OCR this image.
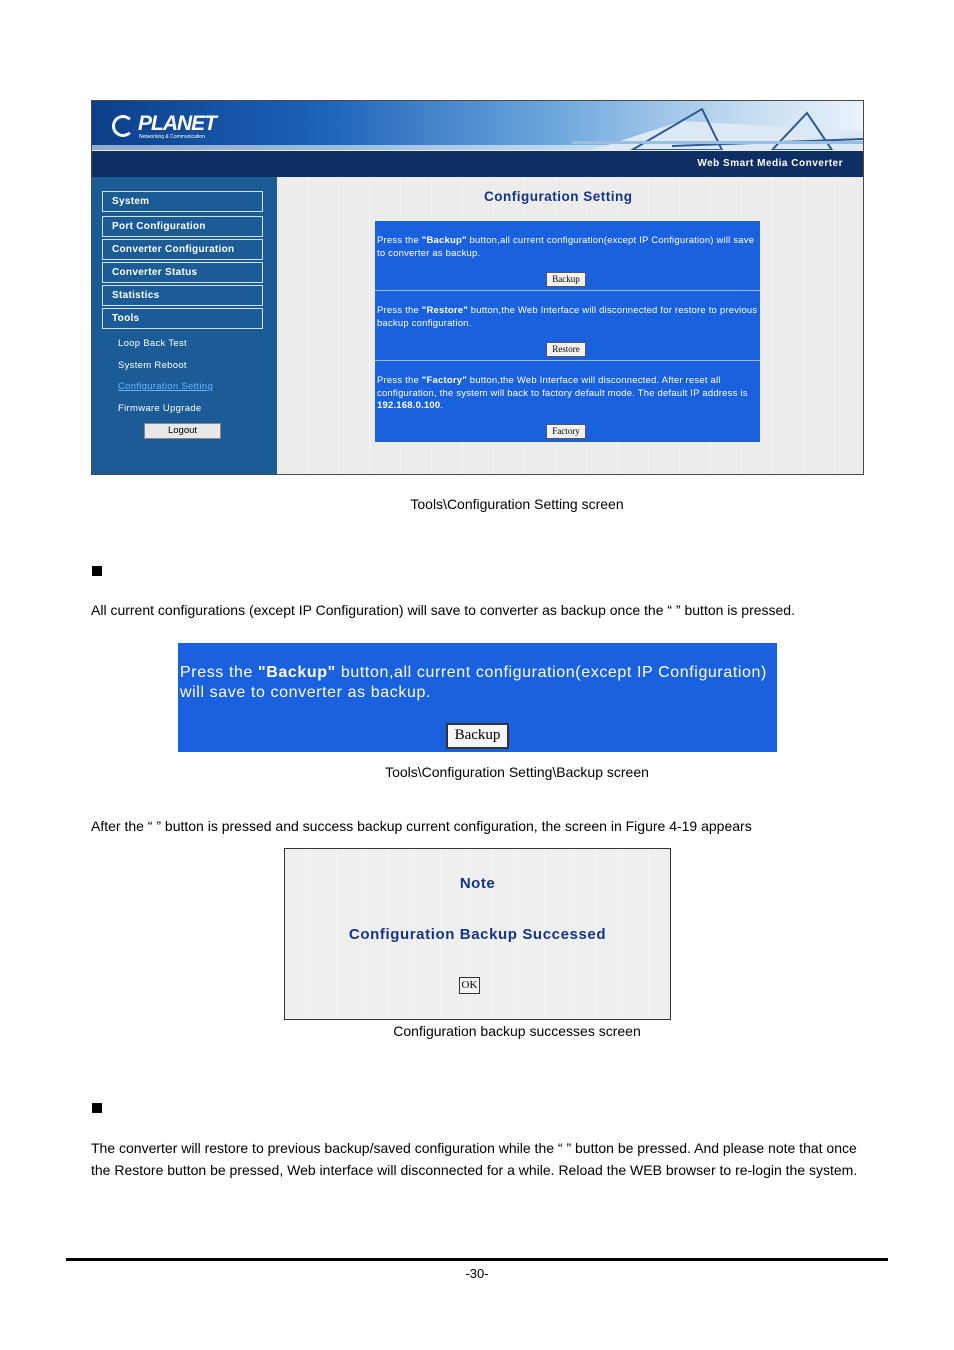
PLANET
Networking & Communication
Web Smart Media Converter
System
Port Configuration
Converter Configuration
Converter Status
Statistics
Tools
Loop Back Test
System Reboot
Configuration Setting
Firmware Upgrade
Logout
Configuration Setting

Press the "Backup" button,all current configuration(except IP Configuration) will save to converter as backup.

Backup

Press the "Restore" button,the Web Interface will disconnected for restore to previous backup configuration.

Restore

Press the "Factory" button,the Web Interface will disconnected. After reset all configuration, the system will back to factory default mode. The default IP address is 192.168.0.100.

Factory
Tools\Configuration Setting screen
All current configurations (except IP Configuration) will save to converter as backup once the “ ” button is pressed.

Press the "Backup" button,all current configuration(except IP Configuration) will save to converter as backup.

Backup
Tools\Configuration Setting\Backup screen
After the “ ” button is pressed and success backup current configuration, the screen in Figure 4-19 appears
Note
Configuration Backup Successed
OK
Configuration backup successes screen
The converter will restore to previous backup/saved configuration while the “ ” button be pressed. And please note that once the Restore button be pressed, Web interface will disconnected for a while. Reload the WEB browser to re-login the system.
-30-
